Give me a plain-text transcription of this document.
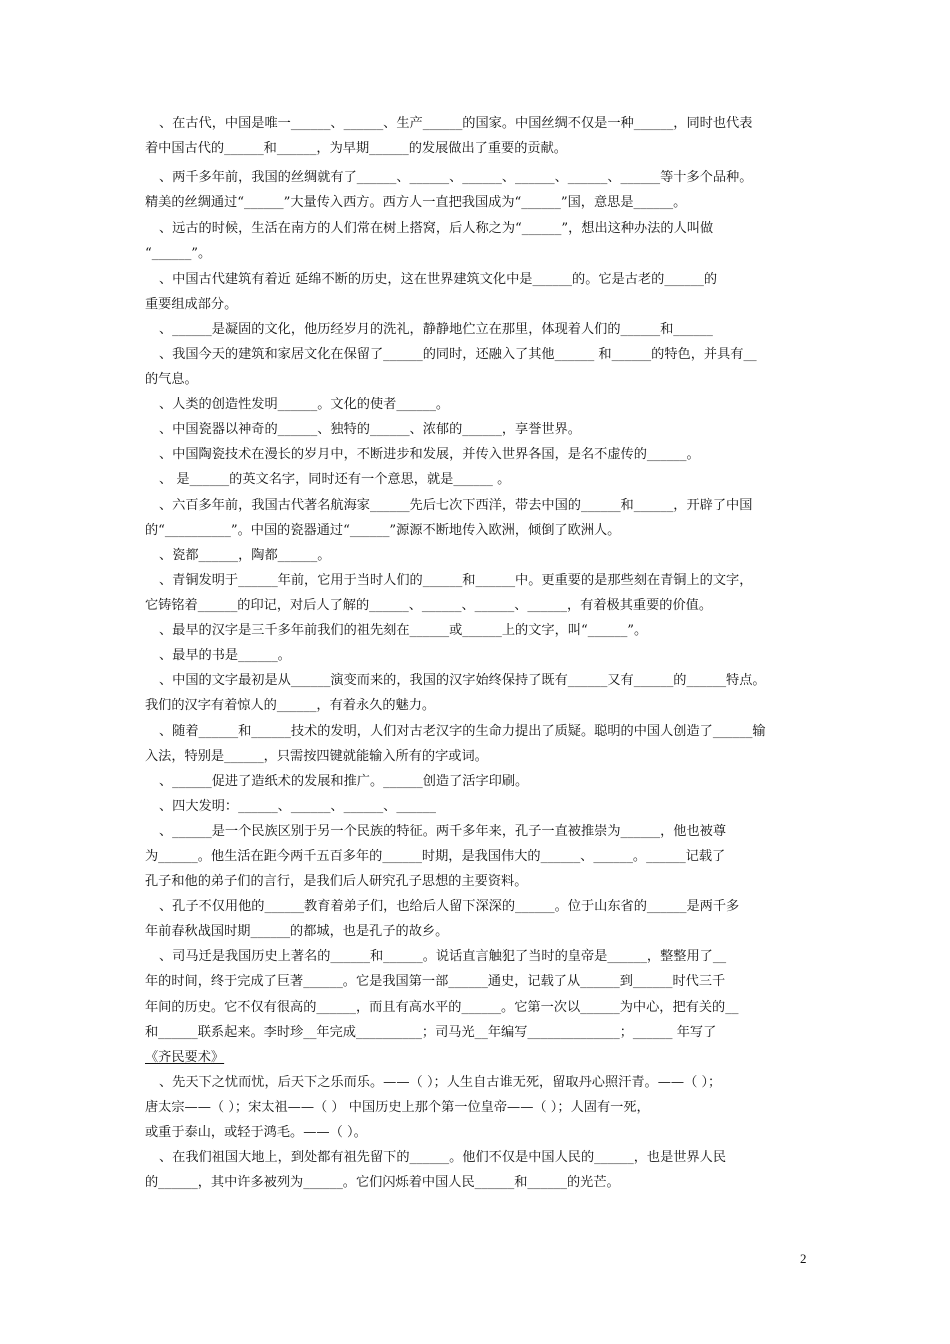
、在古代，中国是唯一______、______、生产______的国家。中国丝绸不仅是一种______，同时也代表
着中国古代的______和______，为早期______的发展做出了重要的贡献。
、两千多年前，我国的丝绸就有了______、______、______、______、______、______等十多个品种。
精美的丝绸通过“______”大量传入西方。西方人一直把我国成为“______”国，意思是______。
、远古的时候，生活在南方的人们常在树上搭窝，后人称之为“______”，想出这种办法的人叫做
“______”。
、中国古代建筑有着近 延绵不断的历史，这在世界建筑文化中是______的。它是古老的______的
重要组成部分。
、______是凝固的文化，他历经岁月的洗礼，静静地伫立在那里，体现着人们的______和______
、我国今天的建筑和家居文化在保留了______的同时，还融入了其他______ 和______的特色，并具有__
的气息。
、人类的创造性发明______。文化的使者______。
、中国瓷器以神奇的______、独特的______、浓郁的______，享誉世界。
、中国陶瓷技术在漫长的岁月中，不断进步和发展，并传入世界各国，是名不虚传的______。
、 是______的英文名字，同时还有一个意思，就是______ 。
、六百多年前，我国古代著名航海家______先后七次下西洋，带去中国的______和______，开辟了中国
的“__________”。中国的瓷器通过“______”源源不断地传入欧洲，倾倒了欧洲人。
、瓷都______，陶都______。
、青铜发明于______年前，它用于当时人们的______和______中。更重要的是那些刻在青铜上的文字，
它铸铭着______的印记，对后人了解的______、______、______、______，有着极其重要的价值。
、最早的汉字是三千多年前我们的祖先刻在______或______上的文字，叫“______”。
、最早的书是______。
、中国的文字最初是从______演变而来的，我国的汉字始终保持了既有______又有______的______特点。
我们的汉字有着惊人的______，有着永久的魅力。
、随着______和______技术的发明，人们对古老汉字的生命力提出了质疑。聪明的中国人创造了______输
入法，特别是______，只需按四键就能输入所有的字或词。
、______促进了造纸术的发展和推广。______创造了活字印刷。
、四大发明：______、______、______、______
、______是一个民族区别于另一个民族的特征。两千多年来，孔子一直被推崇为______，他也被尊
为______。他生活在距今两千五百多年的______时期，是我国伟大的______、______。______记载了
孔子和他的弟子们的言行，是我们后人研究孔子思想的主要资料。
、孔子不仅用他的______教育着弟子们，也给后人留下深深的______。位于山东省的______是两千多
年前春秋战国时期______的都城，也是孔子的故乡。
、司马迁是我国历史上著名的______和______。说话直言触犯了当时的皇帝是______，整整用了__
年的时间，终于完成了巨著______。它是我国第一部______通史，记载了从______到______时代三千
年间的历史。它不仅有很高的______，而且有高水平的______。它第一次以______为中心，把有关的__
和______联系起来。李时珍__年完成__________；司马光__年编写______________；______ 年写了
《齐民要术》
、先天下之忧而忧，后天下之乐而乐。——（ ）；人生自古谁无死，留取丹心照汗青。——（ ）；
唐太宗——（ ）；宋太祖——（ ） 中国历史上那个第一位皇帝——（ ）；人固有一死，
或重于泰山，或轻于鸿毛。——（ ）。
、在我们祖国大地上，到处都有祖先留下的______。他们不仅是中国人民的______，也是世界人民
的______，其中许多被列为______。它们闪烁着中国人民______和______的光芒。
2
